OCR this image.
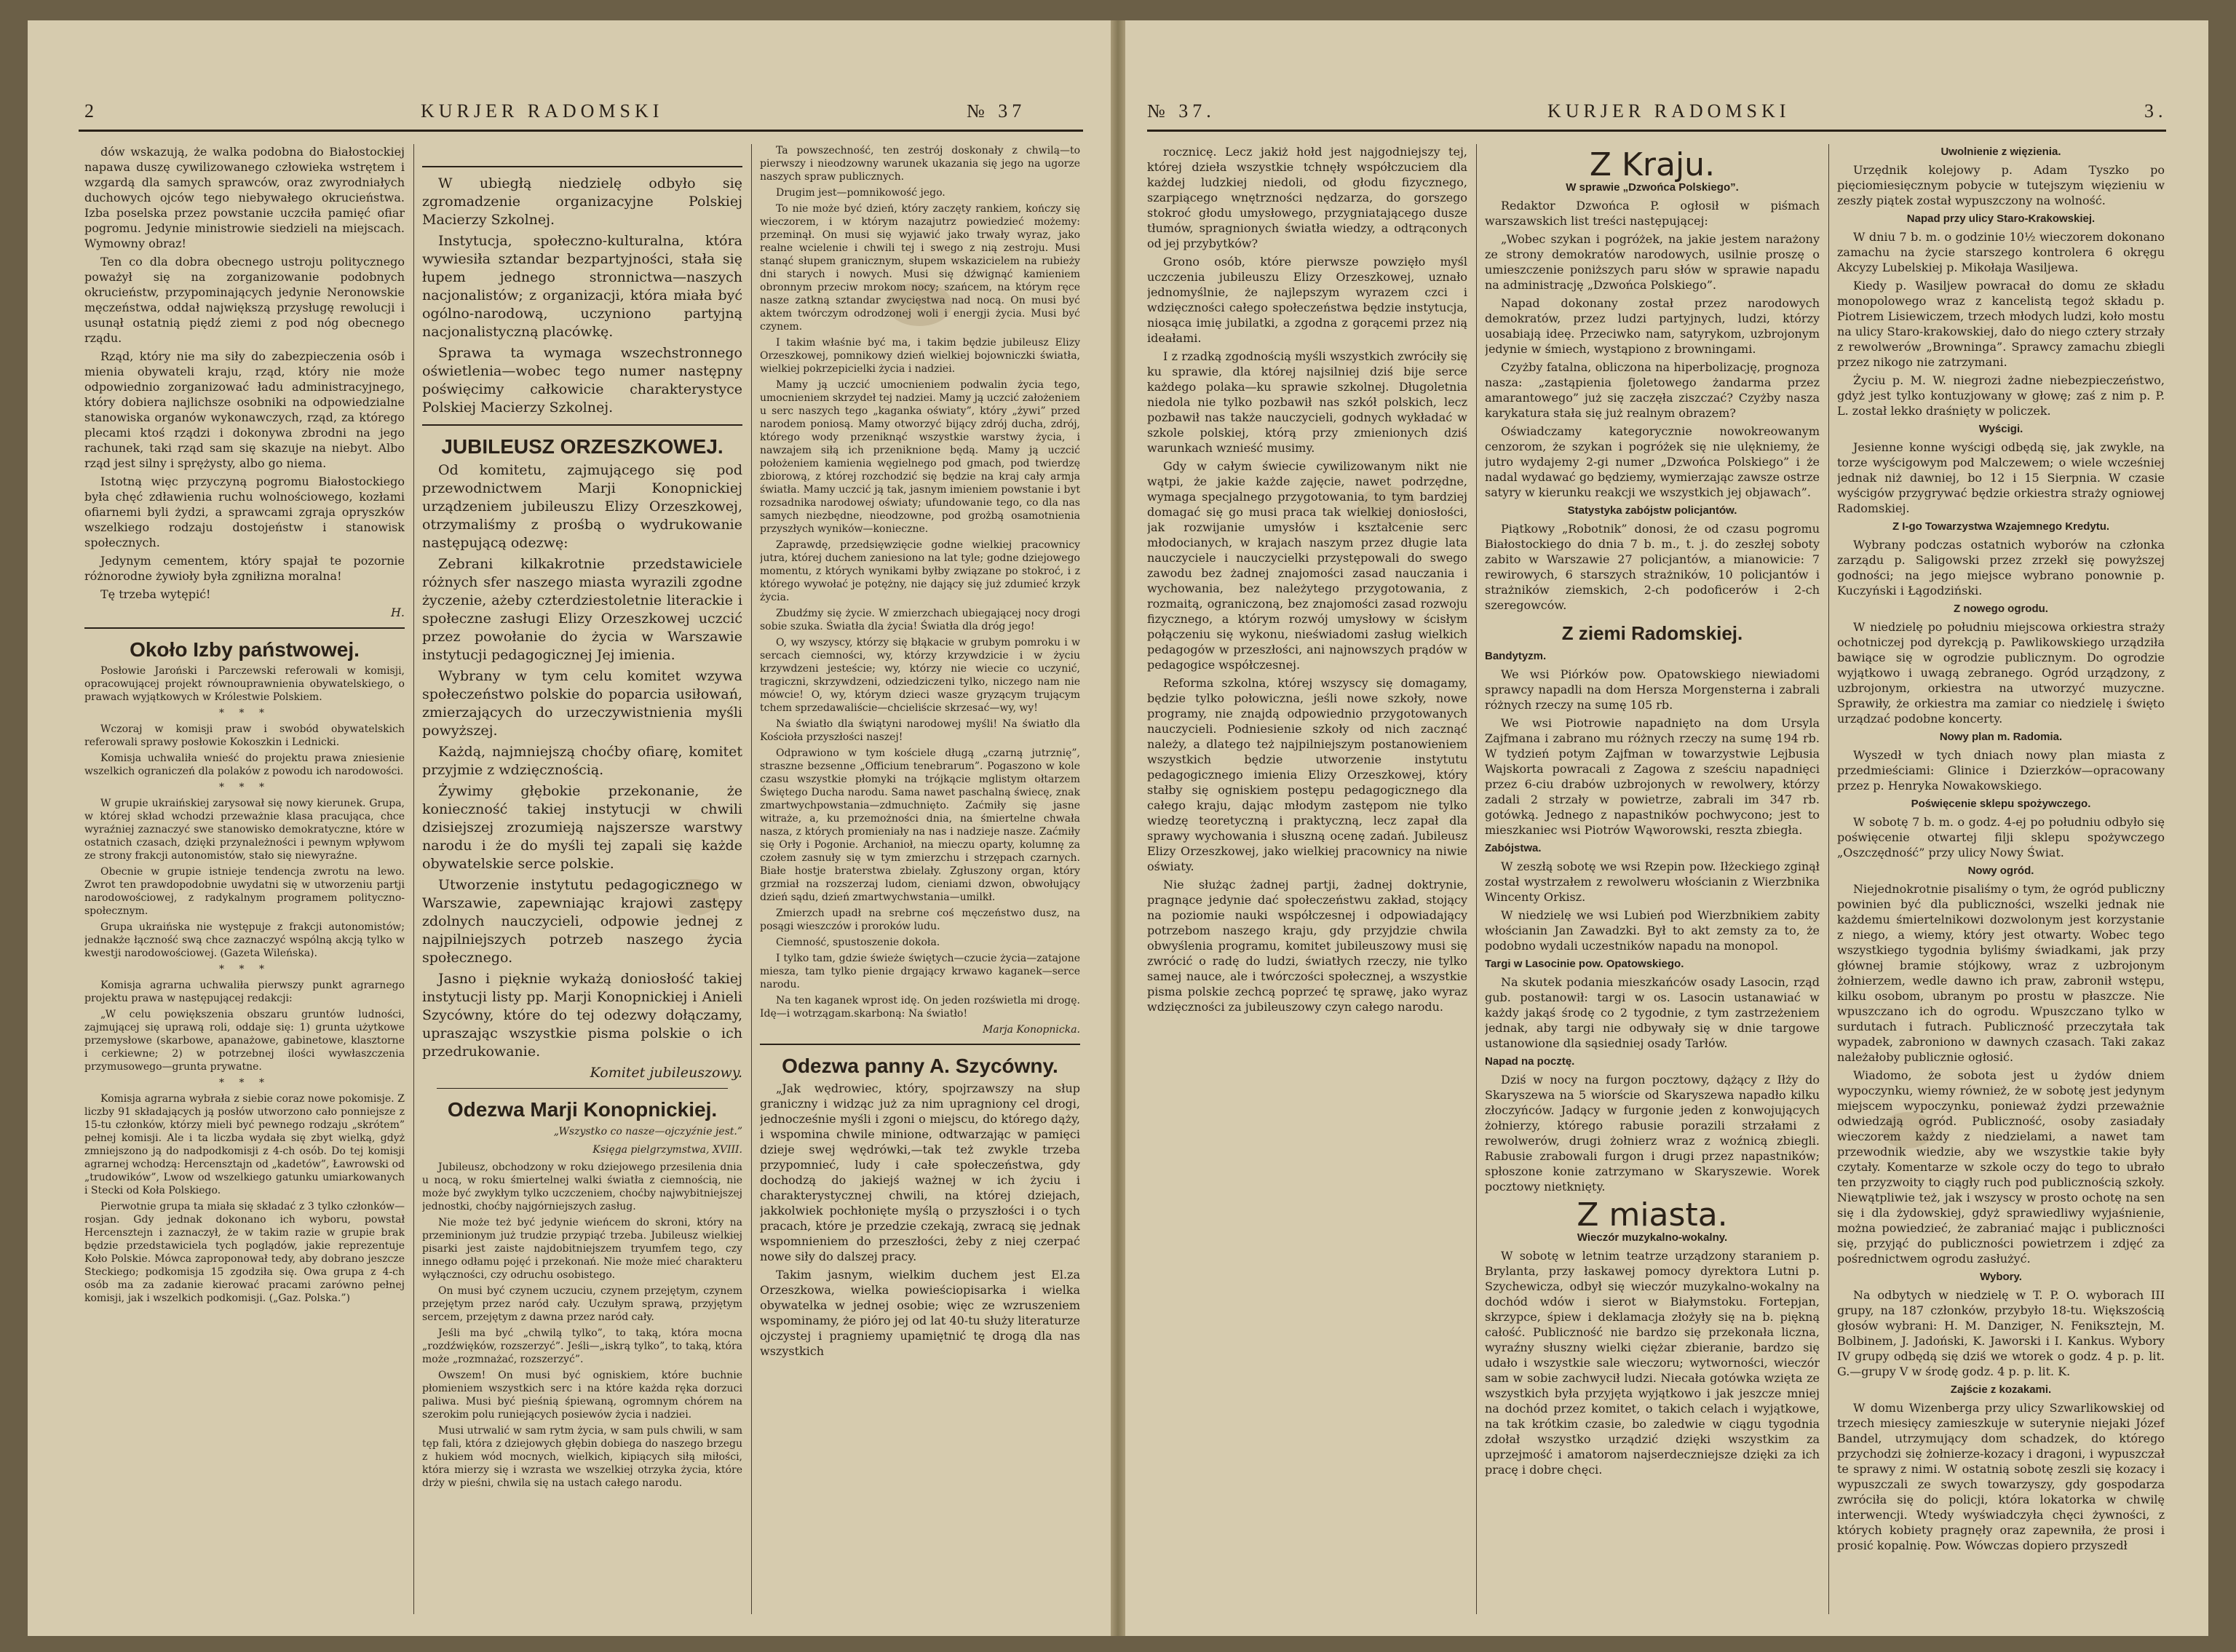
2	KURJER RADOMSKI	№ 37

dów wskazują, że walka podobna do Białostockiej napawa duszę cywilizowanego człowieka wstrętem i wzgardą dla samych sprawców, oraz zwyrodniałych duchowych ojców tego niebywałego okrucieństwa. Izba poselska przez powstanie uczciła pamięć ofiar pogromu. Jedynie ministrowie siedzieli na miejscach. Wymowny obraz!

Ten co dla dobra obecnego ustroju politycznego poważył się na zorganizowanie podobnych okrucieństw, przypominających jedynie Neronowskie męczeństwa, oddał największą przysługę rewolucji i usunął ostatnią piędź ziemi z pod nóg obecnego rządu.

Rząd, który nie ma siły do zabezpieczenia osób i mienia obywateli kraju, rząd, który nie może odpowiednio zorganizować ładu administracyjnego, który dobiera najlichsze osobniki na odpowiedzialne stanowiska organów wykonawczych, rząd, za którego plecami ktoś rządzi i dokonywa zbrodni na jego rachunek, taki rząd sam się skazuje na niebyt. Albo rząd jest silny i sprężysty, albo go niema.

Istotną więc przyczyną pogromu Białostockiego była chęć zdławienia ruchu wolnościowego, kozłami ofiarnemi byli żydzi, a sprawcami zgraja opryszków wszelkiego rodzaju dostojeństw i stanowisk społecznych.

Jedynym cementem, który spajał te pozornie różnorodne żywioły była zgniłizna moralna!

Tę trzeba wytępić!

H.

Około Izby państwowej.

Posłowie Jaroński i Parczewski referowali w komisji, opracowującej projekt równouprawnienia obywatelskiego, o prawach wyjątkowych w Królestwie Polskiem.

* * *

Wczoraj w komisji praw i swobód obywatelskich referowali sprawy posłowie Kokoszkin i Lednicki.

Komisja uchwaliła wnieść do projektu prawa zniesienie wszelkich ograniczeń dla polaków z powodu ich narodowości.

* * *

W grupie ukraińskiej zarysował się nowy kierunek. Grupa, w której skład wchodzi przeważnie klasa pracująca, chce wyraźniej zaznaczyć swe stanowisko demokratyczne, które w ostatnich czasach, dzięki przynależności i pewnym wpływom ze strony frakcji autonomistów, stało się niewyraźne.

Obecnie w grupie istnieje tendencja zwrotu na lewo. Zwrot ten prawdopodobnie uwydatni się w utworzeniu partji narodowościowej, z radykalnym programem polityczno-społecznym.

Grupa ukraińska nie występuje z frakcji autonomistów; jednakże łączność swą chce zaznaczyć wspólną akcją tylko w kwestji narodowościowej. (Gazeta Wileńska).

* * *

Komisja agrarna uchwaliła pierwszy punkt agrarnego projektu prawa w następującej redakcji:

„W celu powiększenia obszaru gruntów ludności, zajmującej się uprawą roli, oddaje się: 1) grunta użytkowe przemysłowe (skarbowe, apanażowe, gabinetowe, klasztorne i cerkiewne; 2) w potrzebnej ilości wywłaszczenia przymusowego—grunta prywatne.

* * *

Komisja agrarna wybrała z siebie coraz nowe pokomisje. Z liczby 91 składających ją posłów utworzono cało ponniejsze z 15-tu członków, którzy mieli być pewnego rodzaju „skrótem” pełnej komisji. Ale i ta liczba wydała się zbyt wielką, gdyż zmniejszono ją do nadpodkomisji z 4-ch osób. Do tej komisji agrarnej wchodzą: Hercensztajn od „kadetów”, Ławrowski od „trudowików”, Lwow od wszelkiego gatunku umiarkowanych i Stecki od Koła Polskiego.

Pierwotnie grupa ta miała się składać z 3 tylko członków—rosjan. Gdy jednak dokonano ich wyboru, powstał Hercensztejn i zaznaczył, że w takim razie w grupie brak będzie przedstawiciela tych poglądów, jakie reprezentuje Koło Polskie. Mówca zaproponował tedy, aby dobrano jeszcze Steckiego; podkomisja 15 zgodziła się. Owa grupa z 4-ch osób ma za zadanie kierować pracami zarówno pełnej komisji, jak i wszelkich podkomisji. („Gaz. Polska.”)

W ubiegłą niedzielę odbyło się zgromadzenie organizacyjne Polskiej Macierzy Szkolnej.

Instytucja, społeczno-kulturalna, która wywiesiła sztandar bezpartyjności, stała się łupem jednego stronnictwa—naszych nacjonalistów; z organizacji, która miała być ogólno-narodową, uczyniono partyjną nacjonalistyczną placówkę.

Sprawa ta wymaga wszechstronnego oświetlenia—wobec tego numer następny poświęcimy całkowicie charakterystyce Polskiej Macierzy Szkolnej.

JUBILEUSZ ORZESZKOWEJ.

Od komitetu, zajmującego się pod przewodnictwem Marji Konopnickiej urządzeniem jubileuszu Elizy Orzeszkowej, otrzymaliśmy z prośbą o wydrukowanie następującą odezwę:

Zebrani kilkakrotnie przedstawiciele różnych sfer naszego miasta wyrazili zgodne życzenie, ażeby czterdziestoletnie literackie i społeczne zasługi Elizy Orzeszkowej uczcić przez powołanie do życia w Warszawie instytucji pedagogicznej Jej imienia.

Wybrany w tym celu komitet wzywa społeczeństwo polskie do poparcia usiłowań, zmierzających do urzeczywistnienia myśli powyższej.

Każdą, najmniejszą choćby ofiarę, komitet przyjmie z wdzięcznością.

Żywimy głębokie przekonanie, że konieczność takiej instytucji w chwili dzisiejszej zrozumieją najszersze warstwy narodu i że do myśli tej zapali się każde obywatelskie serce polskie.

Utworzenie instytutu pedagogicznego w Warszawie, zapewniając krajowi zastępy zdolnych nauczycieli, odpowie jednej z najpilniejszych potrzeb naszego życia społecznego.

Jasno i pięknie wykażą doniosłość takiej instytucji listy pp. Marji Konopnickiej i Anieli Szycówny, które do tej odezwy dołączamy, upraszając wszystkie pisma polskie o ich przedrukowanie.

Komitet jubileuszowy.

Odezwa Marji Konopnickiej.

„Wszystko co nasze—ojczyźnie jest.”

Księga pielgrzymstwa, XVIII.

Jubileusz, obchodzony w roku dziejowego przesilenia dnia u nocą, w roku śmiertelnej walki światła z ciemnością, nie może być zwykłym tylko uczczeniem, choćby najwybitniejszej jednostki, choćby najgórniejszych zasług.

Nie może też być jedynie wieńcem do skroni, który na przeminionym już trudzie przypiąć trzeba. Jubileusz wielkiej pisarki jest zaiste najdobitniejszem tryumfem tego, czy innego odłamu pojęć i przekonań. Nie może mieć charakteru wyłączności, czy odruchu osobistego.

On musi być czynem uczuciu, czynem przejętym, czynem przejętym przez naród cały. Uczułym sprawą, przyjętym sercem, przejętym z dawna przez naród cały.

Jeśli ma być „chwilą tylko”, to taką, która mocna „rozdźwięków, rozszerzyć”. Jeśli—„iskrą tylko”, to taką, która może „rozmnażać, rozszerzyć”.

Owszem! On musi być ogniskiem, które buchnie płomieniem wszystkich serc i na które każda ręka dorzuci paliwa. Musi być pieśnią śpiewaną, ogromnym chórem na szerokim polu runiejących posiewów życia i nadziei.

Musi utrwalić w sam rytm życia, w sam puls chwili, w sam tęp fali, która z dziejowych głębin dobiega do naszego brzegu z hukiem wód mocnych, wielkich, kipiących siłą miłości, która mierzy się i wzrasta we wszelkiej otrzyka życia, które drży w pieśni, chwila się na ustach całego narodu.

Ta powszechność, ten zestrój doskonały z chwilą—to pierwszy i nieodzowny warunek ukazania się jego na ugorze naszych spraw publicznych.

Drugim jest—pomnikowość jego.

To nie może być dzień, który zaczęty rankiem, kończy się wieczorem, i w którym nazajutrz powiedzieć możemy: przeminął. On musi się wyjawić jako trwały wyraz, jako realne wcielenie i chwili tej i swego z nią zestroju. Musi stanąć słupem granicznym, słupem wskazicielem na rubieży dni starych i nowych. Musi się dźwignąć kamieniem obronnym przeciw mrokom nocy; szańcem, na którym ręce nasze zatkną sztandar zwycięstwa nad nocą. On musi być aktem twórczym odrodzonej woli i energji życia. Musi być czynem.

I takim właśnie być ma, i takim będzie jubileusz Elizy Orzeszkowej, pomnikowy dzień wielkiej bojowniczki światła, wielkiej pokrzepicielki życia i nadziei.

Mamy ją uczcić umocnieniem podwalin życia tego, umocnieniem skrzydeł tej nadziei. Mamy ją uczcić założeniem u serc naszych tego „kaganka oświaty”, który „żywi” przed narodem poniosą. Mamy otworzyć bijący zdrój ducha, zdrój, którego wody przeniknąć wszystkie warstwy życia, i nawzajem siłą ich przeniknione będą. Mamy ją uczcić położeniem kamienia węgielnego pod gmach, pod twierdzę zbiorową, z której rozchodzić się będzie na kraj cały armja światła. Mamy uczcić ją tak, jasnym imieniem powstanie i byt rozsadnika narodowej oświaty; ufundowanie tego, co dla nas samych niezbędne, nieodzowne, pod grożbą osamotnienia przyszłych wyników—konieczne.

Zaprawdę, przedsięwzięcie godne wielkiej pracownicy jutra, której duchem zaniesiono na lat tyle; godne dziejowego momentu, z których wynikami byłby związane po stokroć, i z którego wywołać je potężny, nie dający się już zdumieć krzyk życia.

Zbudźmy się życie. W zmierzchach ubiegającej nocy drogi sobie szuka. Światła dla życia! Światła dla dróg jego!

O, wy wszyscy, którzy się błąkacie w grubym pomroku i w sercach ciemności, wy, którzy krzywdzicie i w życiu krzywdzeni jesteście; wy, którzy nie wiecie co uczynić, tragiczni, skrzywdzeni, odziedziczeni tylko, niczego nam nie mówcie! O, wy, którym dzieci wasze gryzącym trującym tchem sprzedawaliście—chcieliście skrzesać—wy, wy!

Na światło dla świątyni narodowej myśli! Na światło dla Kościoła przyszłości naszej!

Odprawiono w tym kościele długą „czarną jutrznię”, straszne bezsenne „Officium tenebrarum”. Pogaszono w kole czasu wszystkie płomyki na trójkącie mglistym ołtarzem Świętego Ducha narodu. Sama nawet paschalną świecę, znak zmartwychpowstania—zdmuchnięto. Zaćmiły się jasne witraże, a, ku przemożności dnia, na śmiertelne chwała nasza, z których promieniały na nas i nadzieje nasze. Zaćmiły się Orły i Pogonie. Archanioł, na mieczu oparty, kolumnę za czołem zasnuły się w tym zmierzchu i strzępach czarnych. Białe hostje braterstwa zbielały. Zgłuszony organ, który grzmiał na rozszerzaj ludom, cieniami dzwon, obwołujący dzień sądu, dzień zmartwychwstania—umilkł.

Zmierzch upadł na srebrne coś męczeństwo dusz, na posągi wieszczów i proroków ludu.

Ciemność, spustoszenie dokoła.

I tylko tam, gdzie świeże świętych—czucie życia—zatajone miesza, tam tylko pienie drgający krwawo kaganek—serce narodu.

Na ten kaganek wprost idę. On jeden rozświetla mi drogę. Idę—i wotrzągam.skarboną: Na światło!

Marja Konopnicka.

Odezwa panny A. Szycówny.

„Jak wędrowiec, który, spojrzawszy na słup graniczny i widząc już za nim upragniony cel drogi, jednocześnie myśli i zgoni o miejscu, do którego dąży, i wspomina chwile minione, odtwarzając w pamięci dzieje swej wędrówki,—tak też zwykle trzeba przypomnieć, ludy i całe społeczeństwa, gdy dochodzą do jakiejś ważnej w ich życiu i charakterystycznej chwili, na której dziejach, jakkolwiek pochłonięte myślą o przyszłości i o tych pracach, które je przedzie czekają, zwracą się jednak wspomnieniem do przeszłości, żeby z niej czerpać nowe siły do dalszej pracy.

Takim jasnym, wielkim duchem jest El.za Orzeszkowa, wielka powieściopisarka i wielka obywatelka w jednej osobie; więc ze wzruszeniem wspominamy, że pióro jej od lat 40-tu służy literaturze ojczystej i pragniemy upamiętnić tę drogą dla nas wszystkich

№ 37.	KURJER RADOMSKI	3.

rocznicę. Lecz jakiż hołd jest najgodniejszy tej, której dzieła wszystkie tchnęły współczuciem dla każdej ludzkiej niedoli, od głodu fizycznego, szarpiącego wnętrzności nędzarza, do gorszego stokroć głodu umysłowego, przygniatającego dusze tłumów, spragnionych światła wiedzy, a odtrąconych od jej przybytków?

Grono osób, które pierwsze powzięło myśl uczczenia jubileuszu Elizy Orzeszkowej, uznało jednomyślnie, że najlepszym wyrazem czci i wdzięczności całego społeczeństwa będzie instytucja, niosąca imię jubilatki, a zgodna z gorącemi przez nią ideałami.

I z rzadką zgodnością myśli wszystkich zwróciły się ku sprawie, dla której najsilniej dziś bije serce każdego polaka—ku sprawie szkolnej. Długoletnia niedola nie tylko pozbawił nas szkół polskich, lecz pozbawił nas także nauczycieli, godnych wykładać w szkole polskiej, którą przy zmienionych dziś warunkach wznieść musimy.

Gdy w całym świecie cywilizowanym nikt nie wątpi, że jakie każde zajęcie, nawet podrzędne, wymaga specjalnego przygotowania, to tym bardziej domagać się go musi praca tak wielkiej doniosłości, jak rozwijanie umysłów i kształcenie serc młodocianych, w krajach naszym przez długie lata nauczyciele i nauczycielki przystępowali do swego zawodu bez żadnej znajomości zasad nauczania i wychowania, bez należytego przygotowania, z rozmaitą, ograniczoną, bez znajomości zasad rozwoju fizycznego, a którym rozwój umysłowy w ścisłym połączeniu się wykonu, nieświadomi zasług wielkich pedagogów w przeszłości, ani najnowszych prądów w pedagogice współczesnej.

Reforma szkolna, której wszyscy się domagamy, będzie tylko połowiczna, jeśli nowe szkoły, nowe programy, nie znajdą odpowiednio przygotowanych nauczycieli. Podniesienie szkoły od nich zacznąć należy, a dlatego też najpilniejszym postanowieniem wszystkich będzie utworzenie instytutu pedagogicznego imienia Elizy Orzeszkowej, który stałby się ogniskiem postępu pedagogicznego dla całego kraju, dając młodym zastępom nie tylko wiedzę teoretyczną i praktyczną, lecz zapał dla sprawy wychowania i słuszną ocenę zadań. Jubileusz Elizy Orzeszkowej, jako wielkiej pracownicy na niwie oświaty.

Nie służąc żadnej partji, żadnej doktrynie, pragnące jedynie dać społeczeństwu zakład, stojący na poziomie nauki współczesnej i odpowiadający potrzebom naszego kraju, gdy przyjdzie chwila obwyślenia programu, komitet jubileuszowy musi się zwrócić o radę do ludzi, światłych rzeczy, nie tylko samej nauce, ale i twórczości społecznej, a wszystkie pisma polskie zechcą poprzeć tę sprawę, jako wyraz wdzięczności za jubileuszowy czyn całego narodu.

Z Kraju.

W sprawie „Dzwońca Polskiego”.

Redaktor Dzwońca P. ogłosił w piśmach warszawskich list treści następującej:

„Wobec szykan i pogróżek, na jakie jestem narażony ze strony demokratów narodowych, usilnie proszę o umieszczenie poniższych paru słów w sprawie napadu na administrację „Dzwońca Polskiego”.

Napad dokonany został przez narodowych demokratów, przez ludzi partyjnych, ludzi, którzy uosabiają ideę. Przeciwko nam, satyrykom, uzbrojonym jedynie w śmiech, wystąpiono z browningami.

Czyżby fatalna, obliczona na hiperbolizację, prognoza nasza: „zastąpienia fjoletowego żandarma przez amarantowego” już się zaczęła ziszczać? Czyżby nasza karykatura stała się już realnym obrazem?

Oświadczamy kategorycznie nowokreowanym cenzorom, że szykan i pogróżek się nie ulękniemy, że jutro wydajemy 2-gi numer „Dzwońca Polskiego” i że nadal wydawać go będziemy, wymierzając zawsze ostrze satyry w kierunku reakcji we wszystkich jej objawach”.

Statystyka zabójstw policjantów.

Piątkowy „Robotnik” donosi, że od czasu pogromu Białostockiego do dnia 7 b. m., t. j. do zeszłej soboty zabito w Warszawie 27 policjantów, a mianowicie: 7 rewirowych, 6 starszych strażników, 10 policjantów i strażników ziemskich, 2-ch podoficerów i 2-ch szeregowców.

Z ziemi Radomskiej.

Bandytyzm.

We wsi Piórków pow. Opatowskiego niewiadomi sprawcy napadli na dom Hersza Morgensterna i zabrali różnych rzeczy na sumę 105 rb.

We wsi Piotrowie napadnięto na dom Ursyla Zajfmana i zabrano mu różnych rzeczy na sumę 194 rb. W tydzień potym Zajfman w towarzystwie Lejbusia Wajskorta powracali z Zagowa z sześciu napadnięci przez 6-ciu drabów uzbrojonych w rewolwery, którzy zadali 2 strzały w powietrze, zabrali im 347 rb. gotówką. Jednego z napastników pochwycono; jest to mieszkaniec wsi Piotrów Wąworowski, reszta zbiegła.

Zabójstwa.

W zeszłą sobotę we wsi Rzepin pow. Iłżeckiego zginął został wystrzałem z rewolweru włościanin z Wierzbnika Wincenty Orkisz.

W niedzielę we wsi Lubień pod Wierzbnikiem zabity włościanin Jan Zawadzki. Był to akt zemsty za to, że podobno wydali uczestników napadu na monopol.

Targi w Lasocinie pow. Opatowskiego.

Na skutek podania mieszkańców osady Lasocin, rząd gub. postanowił: targi w os. Lasocin ustanawiać w każdy jakąś środę co 2 tygodnie, z tym zastrzeżeniem jednak, aby targi nie odbywały się w dnie targowe ustanowione dla sąsiedniej osady Tarłów.

Napad na pocztę.

Dziś w nocy na furgon pocztowy, dążący z Iłży do Skaryszewa na 5 wiorście od Skaryszewa napadło kilku złoczyńców. Jadący w furgonie jeden z konwojujących żołnierzy, którego rabusie porazili strzałami z rewolwerów, drugi żołnierz wraz z woźnicą zbiegli. Rabusie zrabowali furgon i drugi przez napastników; spłoszone konie zatrzymano w Skaryszewie. Worek pocztowy nietknięty.

Z miasta.

Wieczór muzykalno-wokalny.

W sobotę w letnim teatrze urządzony staraniem p. Brylanta, przy łaskawej pomocy dyrektora Lutni p. Szychewicza, odbył się wieczór muzykalno-wokalny na dochód wdów i sierot w Białymstoku. Fortepjan, skrzypce, śpiew i deklamacja złożyły się na b. piękną całość. Publiczność nie bardzo się przekonała liczna, wyraźny słuszny wielki ciężar zbieranie, bardzo się udało i wszystkie sale wieczoru; wytworności, wieczór sam w sobie zachwycił ludzi. Niecała gotówka wzięta ze wszystkich była przyjęta wyjątkowo i jak jeszcze mniej na dochód przez komitet, o takich celach i wyjątkowe, na tak krótkim czasie, bo zaledwie w ciągu tygodnia zdołał wszystko urządzić dzięki wszystkim za uprzejmość i amatorom najserdeczniejsze dzięki za ich pracę i dobre chęci.

Uwolnienie z więzienia.

Urzędnik kolejowy p. Adam Tyszko po pięciomiesięcznym pobycie w tutejszym więzieniu w zeszły piątek został wypuszczony na wolność.

Napad przy ulicy Staro-Krakowskiej.

W dniu 7 b. m. o godzinie 10½ wieczorem dokonano zamachu na życie starszego kontrolera 6 okręgu Akcyzy Lubelskiej p. Mikołaja Wasiljewa.

Kiedy p. Wasiljew powracał do domu ze składu monopolowego wraz z kancelistą tegoż składu p. Piotrem Lisiewiczem, trzech młodych ludzi, koło mostu na ulicy Staro-krakowskiej, dało do niego cztery strzały z rewolwerów „Browninga”. Sprawcy zamachu zbiegli przez nikogo nie zatrzymani.

Życiu p. M. W. niegrozi żadne niebezpieczeństwo, gdyż jest tylko kontuzjowany w głowę; zaś z nim p. P. L. został lekko draśnięty w policzek.

Wyścigi.

Jesienne konne wyścigi odbędą się, jak zwykle, na torze wyścigowym pod Malczewem; o wiele wcześniej jednak niż dawniej, bo 12 i 15 Sierpnia. W czasie wyścigów przygrywać będzie orkiestra straży ogniowej Radomskiej.

Z I-go Towarzystwa Wzajemnego Kredytu.

Wybrany podczas ostatnich wyborów na członka zarządu p. Saligowski przez zrzekł się powyższej godności; na jego miejsce wybrano ponownie p. Kuczyński i Łągodziński.

Z nowego ogrodu.

W niedzielę po południu miejscowa orkiestra straży ochotniczej pod dyrekcją p. Pawlikowskiego urządziła bawiące się w ogrodzie publicznym. Do ogrodzie wyjątkowo i uwagą zebranego. Ogród urządzony, z uzbrojonym, orkiestra na utworzyć muzyczne. Sprawiły, że orkiestra ma zamiar co niedzielę i święto urządzać podobne koncerty.

Nowy plan m. Radomia.

Wyszedł w tych dniach nowy plan miasta z przedmieściami: Glinice i Dzierzków—opracowany przez p. Henryka Nowakowskiego.

Poświęcenie sklepu spożywczego.

W sobotę 7 b. m. o godz. 4-ej po południu odbyło się poświęcenie otwartej filji sklepu spożywczego „Oszczędność” przy ulicy Nowy Świat.

Nowy ogród.

Niejednokrotnie pisaliśmy o tym, że ogród publiczny powinien być dla publiczności, wszelki jednak nie każdemu śmiertelnikowi dozwolonym jest korzystanie z niego, a wiemy, który jest otwarty. Wobec tego wszystkiego tygodnia byliśmy świadkami, jak przy głównej bramie stójkowy, wraz z uzbrojonym żołnierzem, wedle dawno ich praw, zabronił wstępu, kilku osobom, ubranym po prostu w płaszcze. Nie wpuszczano ich do ogrodu. Wpuszczano tylko w surdutach i futrach. Publiczność przeczytała tak wypadek, zabroniono w dawnych czasach. Taki zakaz należałoby publicznie ogłosić.

Wiadomo, że sobota jest u żydów dniem wypoczynku, wiemy również, że w sobotę jest jedynym miejscem wypoczynku, ponieważ żydzi przeważnie odwiedzają ogród. Publiczność, osoby zasiadały wieczorem każdy z niedzielami, a nawet tam przewodnik wiedzie, aby we wszystkie takie były czytały. Komentarze w szkole oczy do tego to ubrało ten przyzwoity to ciągły ruch pod publicznością szkoły. Niewątpliwie też, jak i wszyscy w prosto ochotę na sen się i dla żydowskiej, gdyż sprawiedliwy wyjaśnienie, można powiedzieć, że zabraniać mając i publiczności się, przyjąć do publiczności powietrzem i zdjęć za pośrednictwem ogrodu zasłużyć.

Wybory.

Na odbytych w niedzielę w T. P. O. wyborach III grupy, na 187 członków, przybyło 18-tu. Większością głosów wybrani: H. M. Danziger, N. Feniksztejn, M. Bolbinem, J. Jadoński, K. Jaworski i I. Kankus. Wybory IV grupy odbędą się dziś we wtorek o godz. 4 p. p. lit. G.—grupy V w środę godz. 4 p. p. lit. K.

Zajście z kozakami.

W domu Wizenberga przy ulicy Szwarlikowskiej od trzech miesięcy zamieszkuje w suterynie niejaki Józef Bandel, utrzymujący dom schadzek, do którego przychodzi się żołnierze-kozacy i dragoni, i wypuszczał te sprawy z nimi. W ostatnią sobotę zeszli się kozacy i wypuszczali ze swych towarzyszy, gdy gospodarza zwróciła się do policji, która lokatorka w chwilę interwencji. Wtedy wyświadczyła chęci żywności, z których kobiety pragnęły oraz zapewniła, że prosi i prosić kopalnię. Pow. Wówczas dopiero przyszedł
